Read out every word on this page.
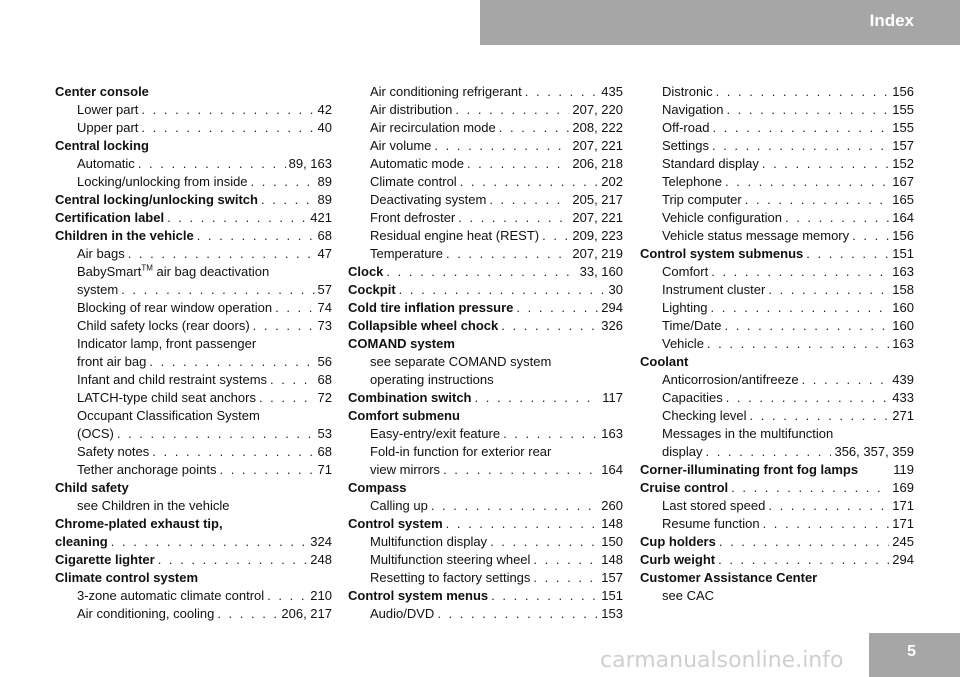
Index
Center console
Lower part . . .	42
Upper part . . .	40
Central locking
Automatic . . .	89, 163
Locking/unlocking from inside . . .	89
Central locking/unlocking switch . . .	89
Certification label . . .	421
Children in the vehicle . . .	68
Air bags . . .	47
BabySmart™ air bag deactivation
system . . .	57
Blocking of rear window operation . . .	74
Child safety locks (rear doors) . . .	73
Indicator lamp, front passenger
front air bag . . .	56
Infant and child restraint systems . . .	68
LATCH-type child seat anchors . . .	72
Occupant Classification System
(OCS) . . .	53
Safety notes . . .	68
Tether anchorage points . . .	71
Child safety
see Children in the vehicle
Chrome-plated exhaust tip,
cleaning . . .	324
Cigarette lighter . . .	248
Climate control system
3-zone automatic climate control . . .	210
Air conditioning, cooling . . .	206, 217
Air conditioning refrigerant . . .	435
Air distribution . . .	207, 220
Air recirculation mode . . .	208, 222
Air volume . . .	207, 221
Automatic mode . . .	206, 218
Climate control . . .	202
Deactivating system . . .	205, 217
Front defroster . . .	207, 221
Residual engine heat (REST) . . .	209, 223
Temperature . . .	207, 219
Clock . . .	33, 160
Cockpit . . .	30
Cold tire inflation pressure . . .	294
Collapsible wheel chock . . .	326
COMAND system
see separate COMAND system
operating instructions
Combination switch . . .	117
Comfort submenu
Easy-entry/exit feature . . .	163
Fold-in function for exterior rear
view mirrors . . .	164
Compass
Calling up . . .	260
Control system . . .	148
Multifunction display . . .	150
Multifunction steering wheel . . .	148
Resetting to factory settings . . .	157
Control system menus . . .	151
Audio/DVD . . .	153
Distronic . . .	156
Navigation . . .	155
Off-road . . .	155
Settings . . .	157
Standard display . . .	152
Telephone . . .	167
Trip computer . . .	165
Vehicle configuration . . .	164
Vehicle status message memory . . .	156
Control system submenus . . .	151
Comfort . . .	163
Instrument cluster . . .	158
Lighting . . .	160
Time/Date . . .	160
Vehicle . . .	163
Coolant
Anticorrosion/antifreeze . . .	439
Capacities . . .	433
Checking level . . .	271
Messages in the multifunction
display . . .	356, 357, 359
Corner-illuminating front fog lamps	119
Cruise control . . .	169
Last stored speed . . .	171
Resume function . . .	171
Cup holders . . .	245
Curb weight . . .	294
Customer Assistance Center
see CAC
5
carmanualsonline.info
